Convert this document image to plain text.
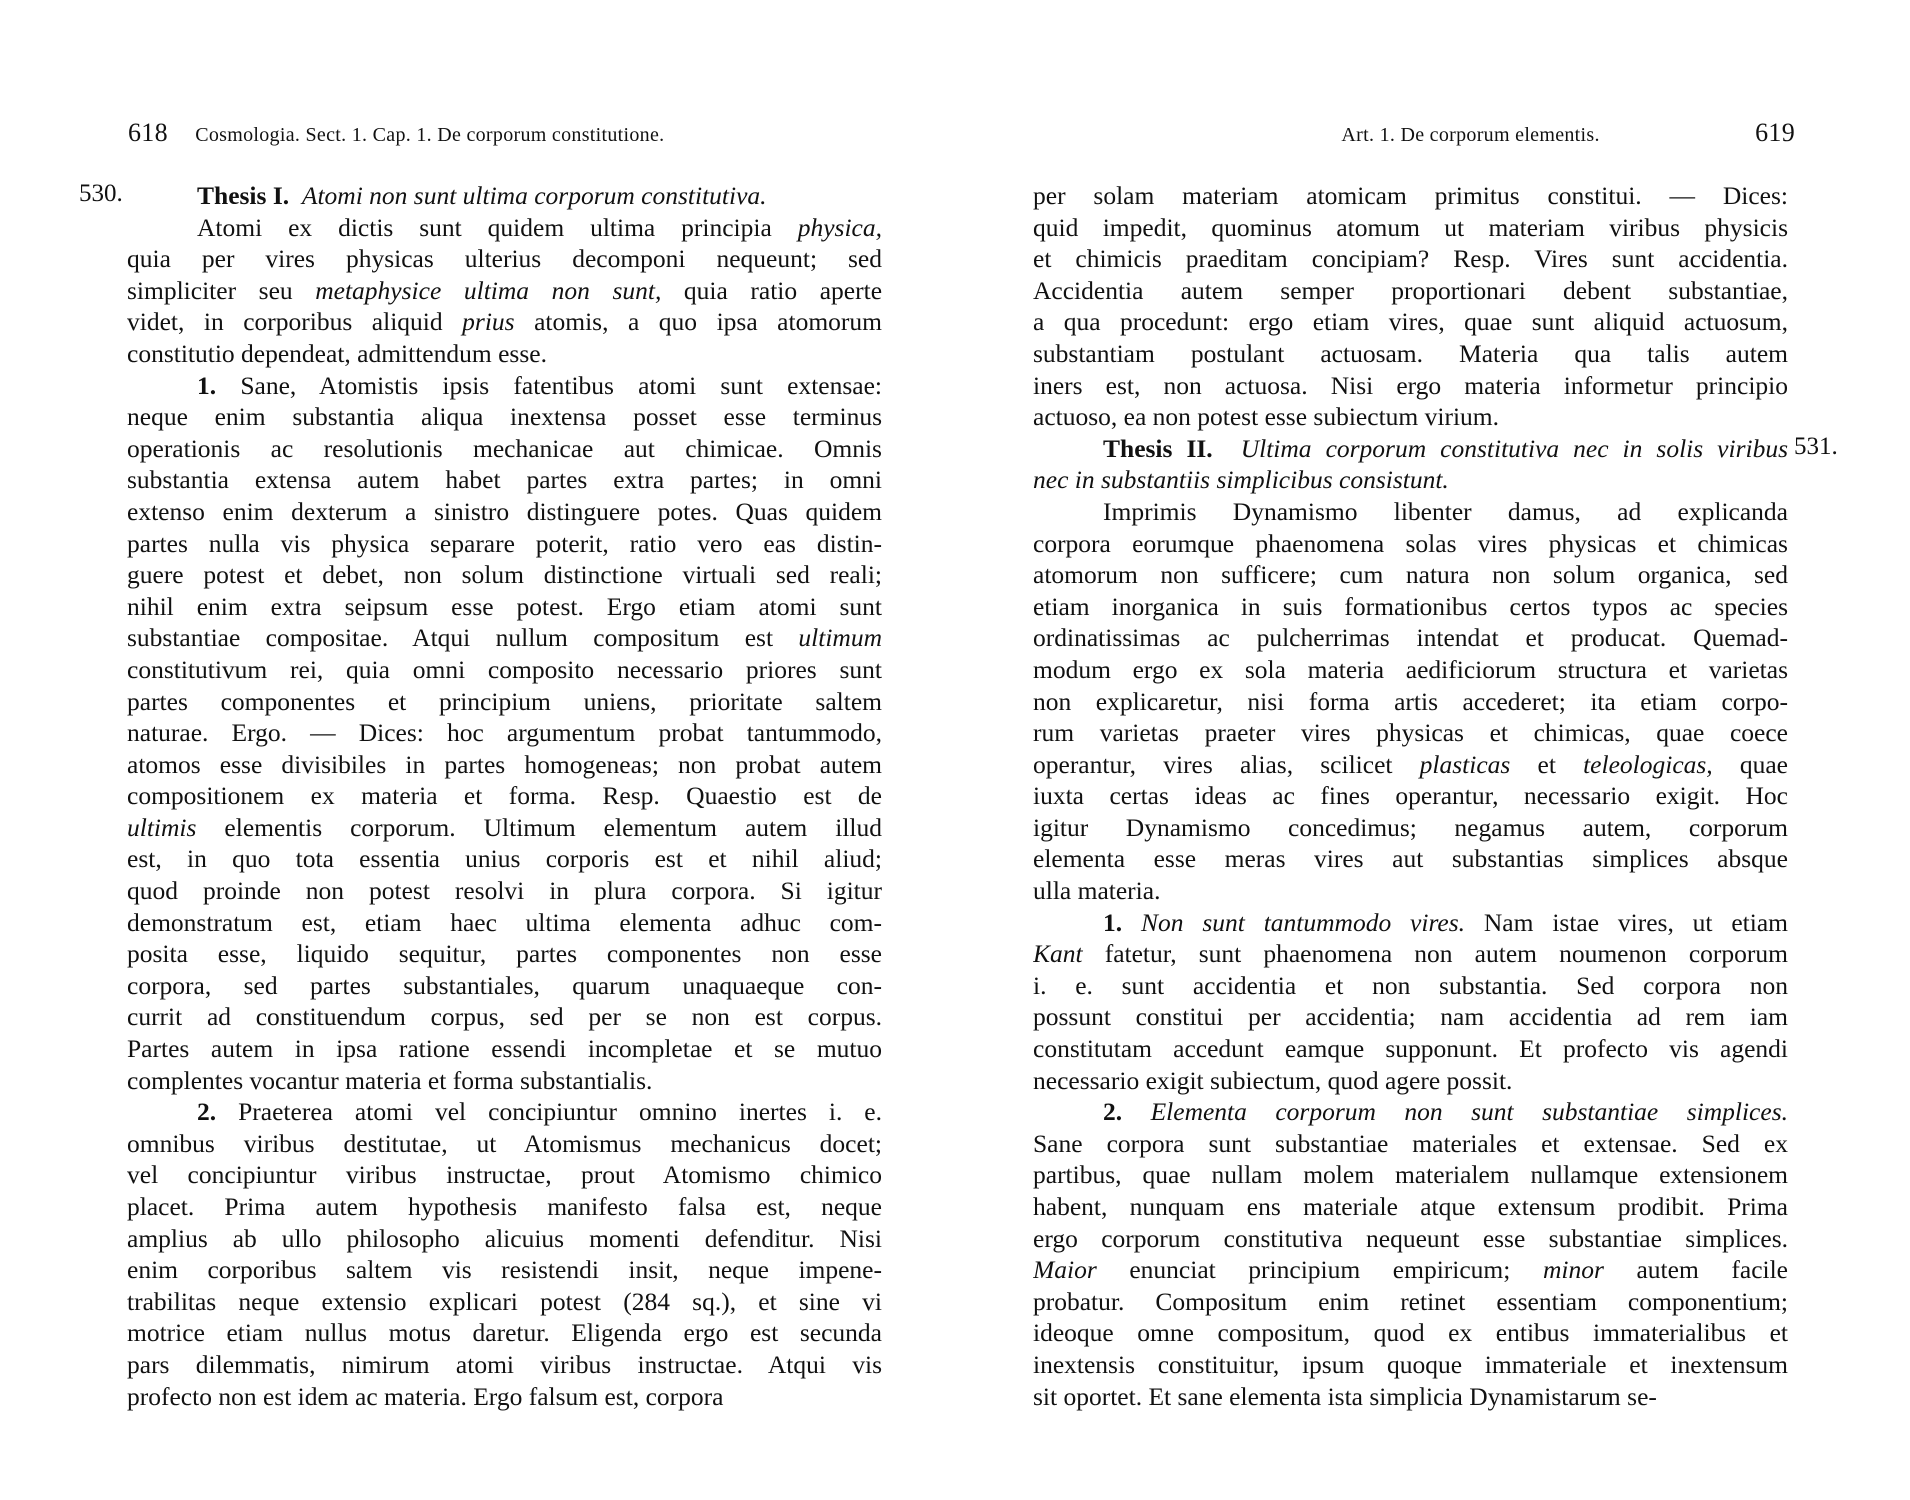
618 Cosmologia. Sect. 1. Cap. 1. De corporum constitutione.
530.	Thesis I. Atomi non sunt ultima corporum constitutiva.
Atomi ex dictis sunt quidem ultima principia physica,
quia per vires physicas ulterius decomponi nequeunt; sed
simpliciter seu metaphysice ultima non sunt, quia ratio aperte
videt, in corporibus aliquid prius atomis, a quo ipsa atomorum
constitutio dependeat, admittendum esse.
1. Sane, Atomistis ipsis fatentibus atomi sunt extensae:
neque enim substantia aliqua inextensa posset esse terminus
operationis ac resolutionis mechanicae aut chimicae. Omnis
substantia extensa autem habet partes extra partes; in omni
extenso enim dexterum a sinistro distinguere potes. Quas quidem
partes nulla vis physica separare poterit, ratio vero eas distin-
guere potest et debet, non solum distinctione virtuali sed reali;
nihil enim extra seipsum esse potest. Ergo etiam atomi sunt
substantiae compositae. Atqui nullum compositum est ultimum
constitutivum rei, quia omni composito necessario priores sunt
partes componentes et principium uniens, prioritate saltem
naturae. Ergo. — Dices: hoc argumentum probat tantummodo,
atomos esse divisibiles in partes homogeneas; non probat autem
compositionem ex materia et forma. Resp. Quaestio est de
ultimis elementis corporum. Ultimum elementum autem illud
est, in quo tota essentia unius corporis est et nihil aliud;
quod proinde non potest resolvi in plura corpora. Si igitur
demonstratum est, etiam haec ultima elementa adhuc com-
posita esse, liquido sequitur, partes componentes non esse
corpora, sed partes substantiales, quarum unaquaeque con-
currit ad constituendum corpus, sed per se non est corpus.
Partes autem in ipsa ratione essendi incompletae et se mutuo
complentes vocantur materia et forma substantialis.
2. Praeterea atomi vel concipiuntur omnino inertes i. e.
omnibus viribus destitutae, ut Atomismus mechanicus docet;
vel concipiuntur viribus instructae, prout Atomismo chimico
placet. Prima autem hypothesis manifesto falsa est, neque
amplius ab ullo philosopho alicuius momenti defenditur. Nisi
enim corporibus saltem vis resistendi insit, neque impene-
trabilitas neque extensio explicari potest (284 sq.), et sine vi
motrice etiam nullus motus daretur. Eligenda ergo est secunda
pars dilemmatis, nimirum atomi viribus instructae. Atqui vis
profecto non est idem ac materia. Ergo falsum est, corpora
Art. 1. De corporum elementis.	619
531.
per solam materiam atomicam primitus constitui. — Dices:
quid impedit, quominus atomum ut materiam viribus physicis
et chimicis praeditam concipiam? Resp. Vires sunt accidentia.
Accidentia autem semper proportionari debent substantiae,
a qua procedunt: ergo etiam vires, quae sunt aliquid actuosum,
substantiam postulant actuosam. Materia qua talis autem
iners est, non actuosa. Nisi ergo materia informetur principio
actuoso, ea non potest esse subiectum virium.
Thesis II. Ultima corporum constitutiva nec in solis viribus
nec in substantiis simplicibus consistunt.
Imprimis Dynamismo libenter damus, ad explicanda
corpora eorumque phaenomena solas vires physicas et chimicas
atomorum non sufficere; cum natura non solum organica, sed
etiam inorganica in suis formationibus certos typos ac species
ordinatissimas ac pulcherrimas intendat et producat. Quemad-
modum ergo ex sola materia aedificiorum structura et varietas
non explicaretur, nisi forma artis accederet; ita etiam corpo-
rum varietas praeter vires physicas et chimicas, quae coece
operantur, vires alias, scilicet plasticas et teleologicas, quae
iuxta certas ideas ac fines operantur, necessario exigit. Hoc
igitur Dynamismo concedimus; negamus autem, corporum
elementa esse meras vires aut substantias simplices absque
ulla materia.
1. Non sunt tantummodo vires. Nam istae vires, ut etiam
Kant fatetur, sunt phaenomena non autem noumenon corporum
i. e. sunt accidentia et non substantia. Sed corpora non
possunt constitui per accidentia; nam accidentia ad rem iam
constitutam accedunt eamque supponunt. Et profecto vis agendi
necessario exigit subiectum, quod agere possit.
2. Elementa corporum non sunt substantiae simplices.
Sane corpora sunt substantiae materiales et extensae. Sed ex
partibus, quae nullam molem materialem nullamque extensionem
habent, nunquam ens materiale atque extensum prodibit. Prima
ergo corporum constitutiva nequeunt esse substantiae simplices.
Maior enunciat principium empiricum; minor autem facile
probatur. Compositum enim retinet essentiam componentium;
ideoque omne compositum, quod ex entibus immaterialibus et
inextensis constituitur, ipsum quoque immateriale et inextensum
sit oportet. Et sane elementa ista simplicia Dynamistarum se-
